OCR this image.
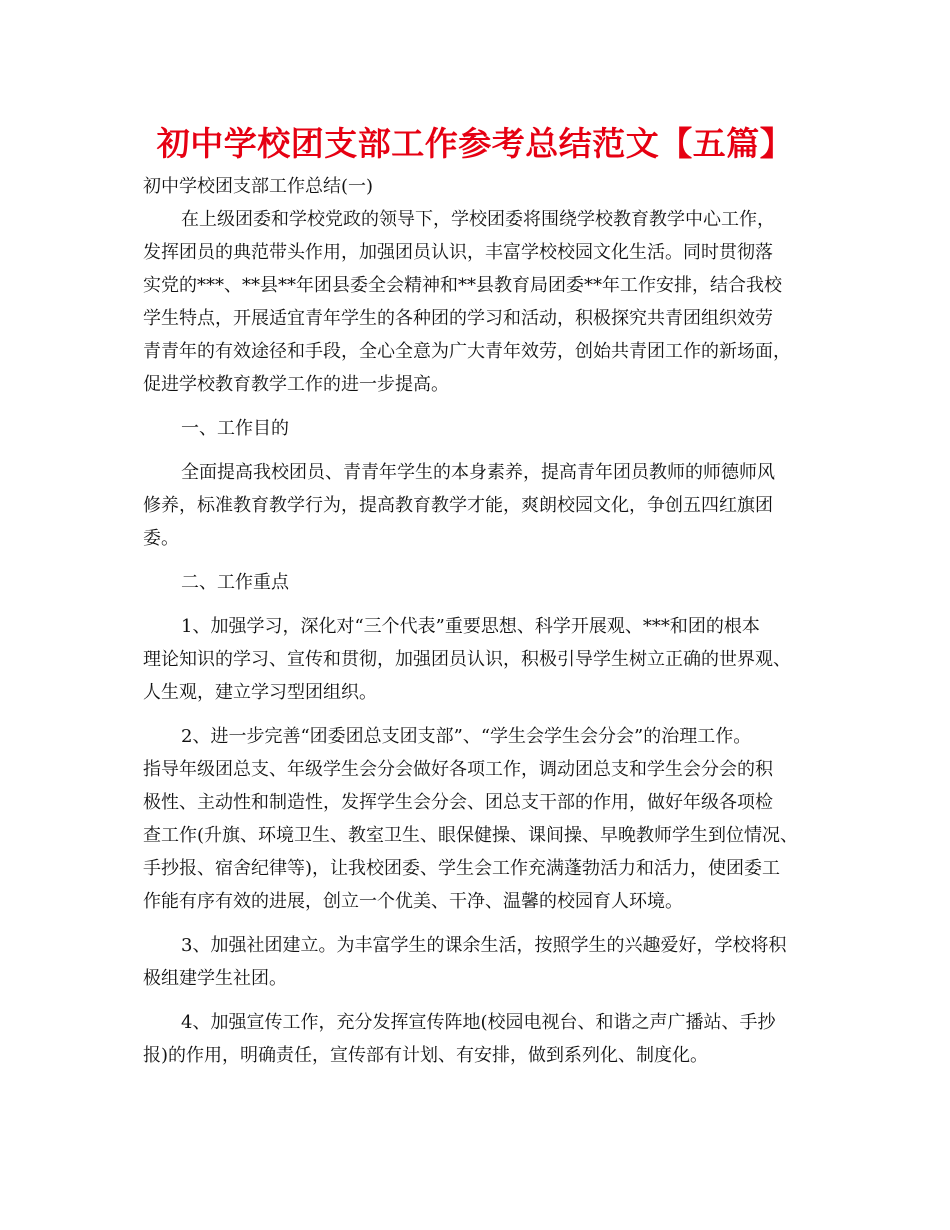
初中学校团支部工作参考总结范文【五篇】
初中学校团支部工作总结(一)
在上级团委和学校党政的领导下，学校团委将围绕学校教育教学中心工作，
发挥团员的典范带头作用，加强团员认识，丰富学校校园文化生活。同时贯彻落
实党的***、**县**年团县委全会精神和**县教育局团委**年工作安排，结合我校
学生特点，开展适宜青年学生的各种团的学习和活动，积极探究共青团组织效劳
青青年的有效途径和手段，全心全意为广大青年效劳，创始共青团工作的新场面，
促进学校教育教学工作的进一步提高。
一、工作目的
全面提高我校团员、青青年学生的本身素养，提高青年团员教师的师德师风
修养，标准教育教学行为，提高教育教学才能，爽朗校园文化，争创五四红旗团
委。
二、工作重点
1、加强学习，深化对“三个代表”重要思想、科学开展观、***和团的根本
理论知识的学习、宣传和贯彻，加强团员认识，积极引导学生树立正确的世界观、
人生观，建立学习型团组织。
2、进一步完善“团委团总支团支部”、“学生会学生会分会”的治理工作。
指导年级团总支、年级学生会分会做好各项工作，调动团总支和学生会分会的积
极性、主动性和制造性，发挥学生会分会、团总支干部的作用，做好年级各项检
查工作(升旗、环境卫生、教室卫生、眼保健操、课间操、早晚教师学生到位情况、
手抄报、宿舍纪律等)，让我校团委、学生会工作充满蓬勃活力和活力，使团委工
作能有序有效的进展，创立一个优美、干净、温馨的校园育人环境。
3、加强社团建立。为丰富学生的课余生活，按照学生的兴趣爱好，学校将积
极组建学生社团。
4、加强宣传工作，充分发挥宣传阵地(校园电视台、和谐之声广播站、手抄
报)的作用，明确责任，宣传部有计划、有安排，做到系列化、制度化。
